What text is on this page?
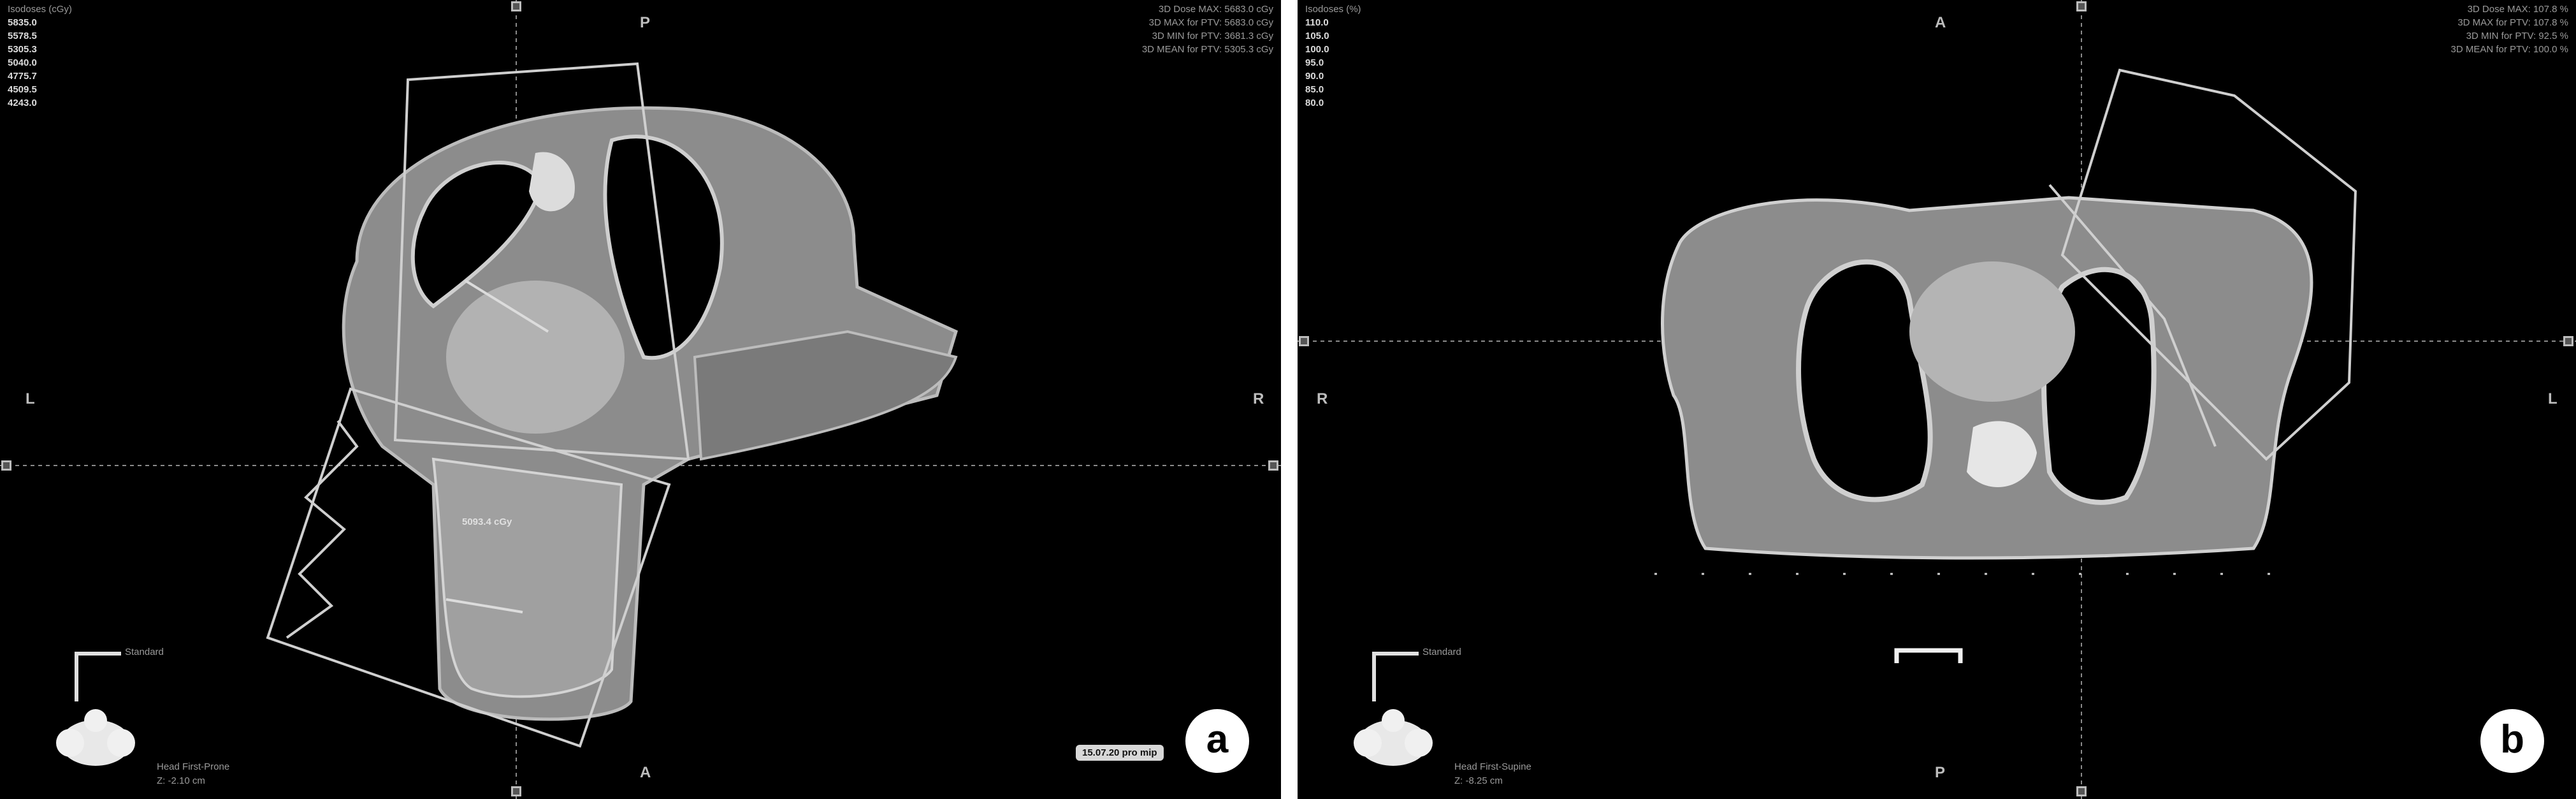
Isodoses (cGy)
5835.0
5578.5
5305.3
5040.0
4775.7
4509.5
4243.0
3D Dose MAX: 5683.0 cGy
3D MAX for PTV: 5683.0 cGy
3D MIN for PTV: 3681.3 cGy
3D MEAN for PTV: 5305.3 cGy
P
A
L	R
5093.4 cGy
Standard
Head First-Prone
Z: -2.10 cm
15.07.20 pro mip	a
Isodoses (%)
110.0
105.0
100.0
95.0
90.0
85.0
80.0
3D Dose MAX: 107.8 %
3D MAX for PTV: 107.8 %
3D MIN for PTV: 92.5 %
3D MEAN for PTV: 100.0 %
A
P
R	L
Standard
Head First-Supine
Z: -8.25 cm
b
